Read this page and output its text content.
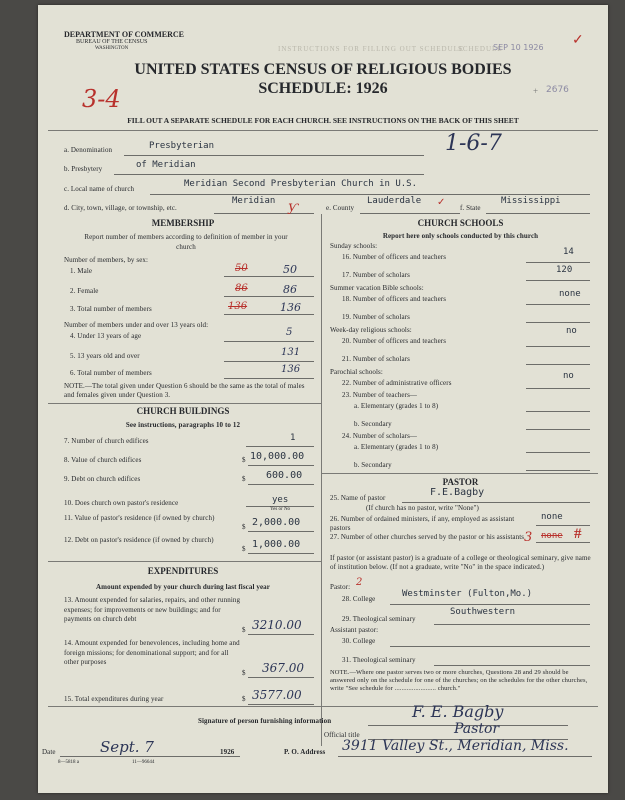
INSTRUCTIONS FOR FILLING OUT SCHEDULE
SCHEDULE
DEPARTMENT OF COMMERCE
BUREAU OF THE CENSUS
WASHINGTON	SEP 10 1926 ✓
2676
+
UNITED STATES CENSUS OF RELIGIOUS BODIES
SCHEDULE: 1926
3-4
FILL OUT A SEPARATE SCHEDULE FOR EACH CHURCH. SEE INSTRUCTIONS ON THE BACK OF THIS SHEET
a. Denomination	Presbyterian	1-6-7
b. Presbytery	of Meridian
c. Local name of church	Meridian Second Presbyterian Church in U.S.
d. City, town, village, or township, etc.
Meridian ƴ	e. County
Lauderdale ✓ f. State
Mississippi
MEMBERSHIP
Report number of members according to definition of member in your church
Number of members, by sex:
1. Male	50	50
2. Female	86	86
3. Total number of members	136	136
Number of members under and over 13 years old:
4. Under 13 years of age	5
5. 13 years old and over	131
6. Total number of members	136
NOTE.—The total given under Question 6 should be the same as the total of males and females given under Question 3.
CHURCH BUILDINGS
See instructions, paragraphs 10 to 12
7. Number of church edifices	1
8. Value of church edifices	$ 10,000.00
9. Debt on church edifices	$ 600.00
10. Does church own pastor's residence	yes
Yes or No
11. Value of pastor's residence (if owned by church)
$ 2,000.00
12. Debt on pastor's residence (if owned by church)
$ 1,000.00
EXPENDITURES
Amount expended by your church during last fiscal year
13. Amount expended for salaries, repairs, and other running expenses; for improvements or new buildings; and for payments on church debt
$ 3210.00
14. Amount expended for benevolences, including home and foreign missions; for denominational support; and for all other purposes
$ 367.00
15. Total expenditures during year	$ 3577.00
CHURCH SCHOOLS
Report here only schools conducted by this church
Sunday schools:
16. Number of officers and teachers	14
17. Number of scholars	120
Summer vacation Bible schools:
18. Number of officers and teachers	none
19. Number of scholars
Week-day religious schools:
20. Number of officers and teachers
no
21. Number of scholars
Parochial schools:
22. Number of administrative officers
no
23. Number of teachers—
a. Elementary (grades 1 to 8)
b. Secondary
24. Number of scholars—
a. Elementary (grades 1 to 8)
b. Secondary
PASTOR
25. Name of pastor	F.E.Bagby
(If church has no pastor, write "None")
26. Number of ordained ministers, if any, employed as assistant pastors
none
27. Number of other churches served by the pastor or his assistants 3 none #
If pastor (or assistant pastor) is a graduate of a college or theological seminary, give name of institution below. (If not a graduate, write "No" in the space indicated.)
Pastor: 2
28. College	Westminster (Fulton,Mo.)
29. Theological seminary
Southwestern
Assistant pastor:
30. College
31. Theological seminary
NOTE.—Where one pastor serves two or more churches, Questions 28 and 29 should be answered only on the schedule for one of the churches; on the schedules for the other churches, write "See schedule for ........................ church."
Signature of person furnishing information	F. E. Bagby
Official title	Pastor
Date	Sept. 7	1926	P. O. Address 3911 Valley St., Meridian, Miss.
8—5818 a	11—96644
